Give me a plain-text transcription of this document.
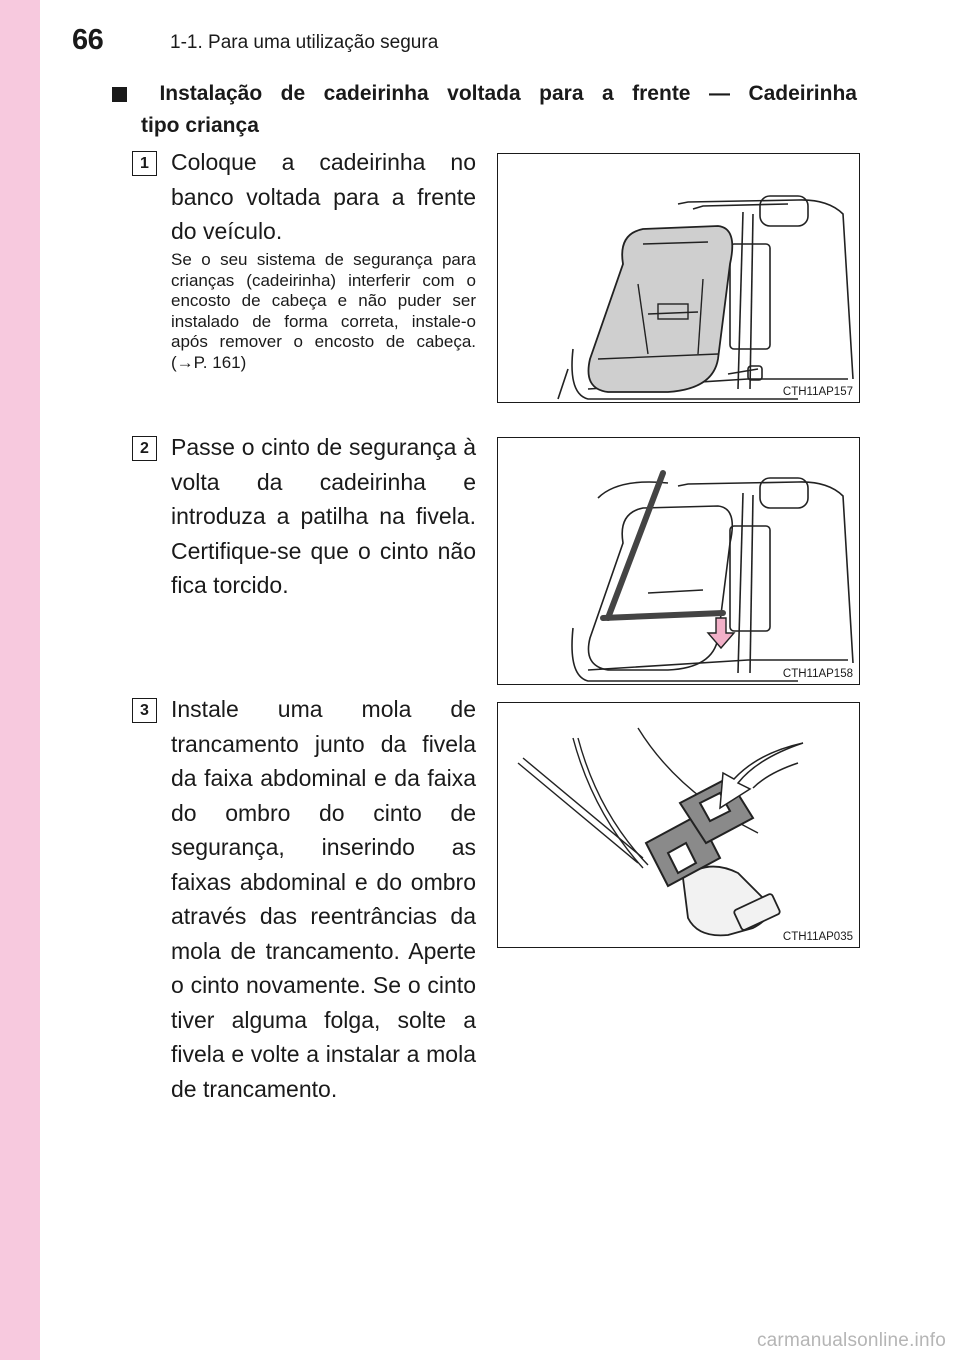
66	1-1. Para uma utilização segura
Instalação de cadeirinha voltada para a frente — Cadeirinha
tipo criança
1 Coloque a cadeirinha no banco voltada para a frente do veículo.
Se o seu sistema de segurança para crianças (cadeirinha) interferir com o encosto de cabeça e não puder ser instalado de forma correta, instale-o após remover o encosto de cabeça. (→P. 161)
CTH11AP157
2 Passe o cinto de segurança à volta da cadeirinha e introduza a patilha na fivela. Certifique-se que o cinto não fica torcido.
CTH11AP158
3 Instale uma mola de trancamento junto da fivela da faixa abdominal e da faixa do ombro do cinto de segurança, inserindo as faixas abdominal e do ombro através das reentrâncias da mola de trancamento. Aperte o cinto novamente. Se o cinto tiver alguma folga, solte a fivela e volte a instalar a mola de trancamento.
CTH11AP035
carmanualsonline.info
